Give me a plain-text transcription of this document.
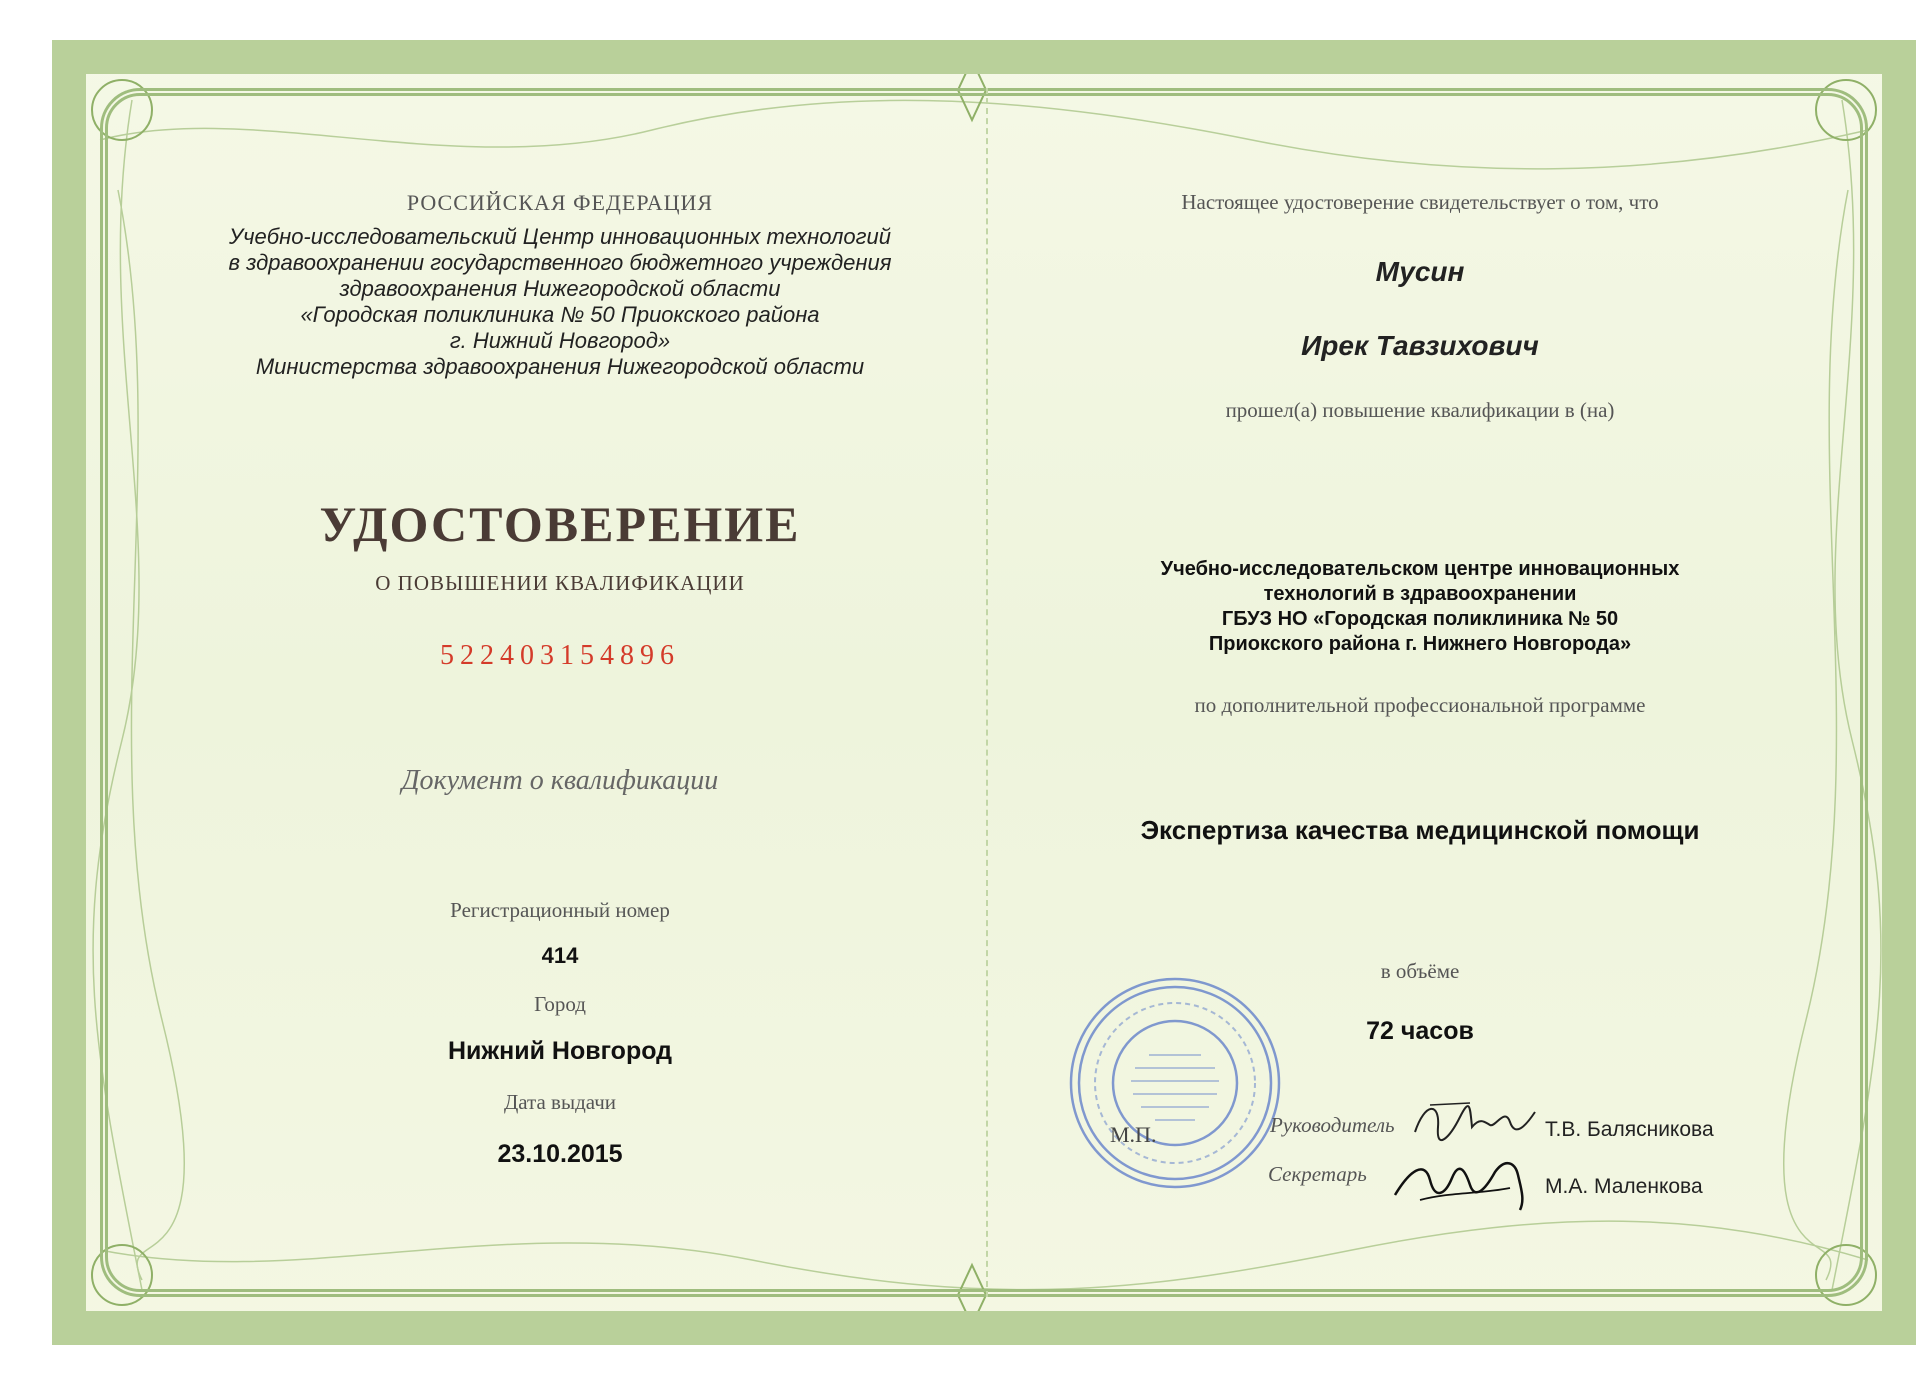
РОССИЙСКАЯ ФЕДЕРАЦИЯ
Учебно-исследовательский Центр инновационных технологий
в здравоохранении государственного бюджетного учреждения
здравоохранения Нижегородской области
«Городская поликлиника № 50 Приокского района
г. Нижний Новгород»
Министерства здравоохранения Нижегородской области
УДОСТОВЕРЕНИЕ
О ПОВЫШЕНИИ КВАЛИФИКАЦИИ
522403154896
Документ о квалификации
Регистрационный номер
414
Город
Нижний Новгород
Дата выдачи
23.10.2015
Настоящее удостоверение свидетельствует о том, что
Мусин
Ирек Тавзихович
прошел(а) повышение квалификации в (на)
Учебно-исследовательском центре инновационных
технологий в здравоохранении
ГБУЗ НО «Городская поликлиника № 50
Приокского района г. Нижнего Новгорода»
по дополнительной профессиональной программе
Экспертиза качества медицинской помощи
в объёме
72 часов
М.П.	Руководитель	Т.В. Балясникова
Секретарь
М.А. Маленкова
